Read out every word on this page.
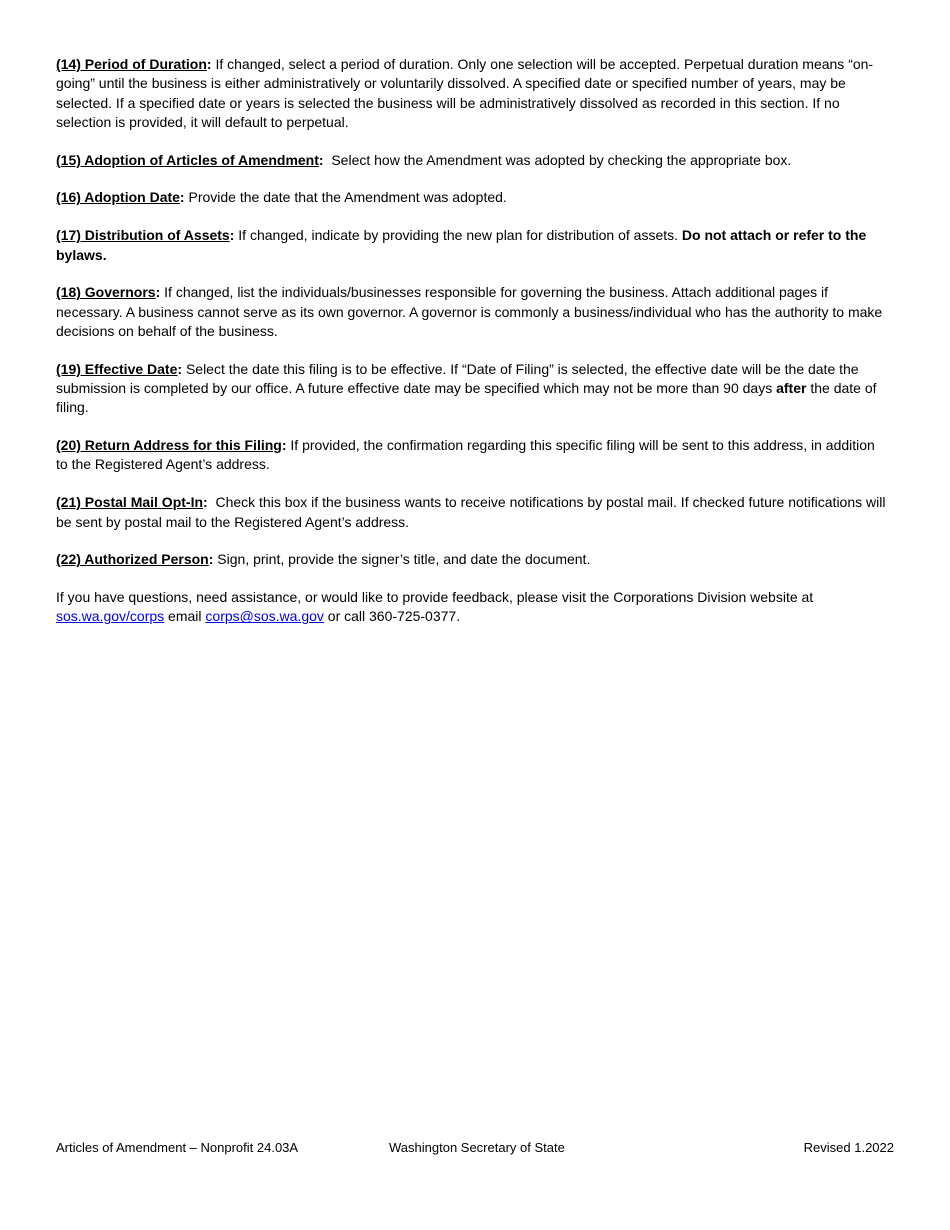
(14) Period of Duration: If changed, select a period of duration. Only one selection will be accepted. Perpetual duration means “on-going” until the business is either administratively or voluntarily dissolved. A specified date or specified number of years, may be selected. If a specified date or years is selected the business will be administratively dissolved as recorded in this section. If no selection is provided, it will default to perpetual.

(15) Adoption of Articles of Amendment:  Select how the Amendment was adopted by checking the appropriate box.

(16) Adoption Date: Provide the date that the Amendment was adopted.

(17) Distribution of Assets: If changed, indicate by providing the new plan for distribution of assets. Do not attach or refer to the bylaws.

(18) Governors: If changed, list the individuals/businesses responsible for governing the business. Attach additional pages if necessary. A business cannot serve as its own governor. A governor is commonly a business/individual who has the authority to make decisions on behalf of the business.

(19) Effective Date: Select the date this filing is to be effective. If “Date of Filing” is selected, the effective date will be the date the submission is completed by our office. A future effective date may be specified which may not be more than 90 days after the date of filing.

(20) Return Address for this Filing: If provided, the confirmation regarding this specific filing will be sent to this address, in addition to the Registered Agent’s address.

(21) Postal Mail Opt-In:  Check this box if the business wants to receive notifications by postal mail. If checked future notifications will be sent by postal mail to the Registered Agent’s address.

(22) Authorized Person: Sign, print, provide the signer’s title, and date the document.

If you have questions, need assistance, or would like to provide feedback, please visit the Corporations Division website at sos.wa.gov/corps email corps@sos.wa.gov or call 360-725-0377.

Articles of Amendment – Nonprofit 24.03A	Washington Secretary of State	Revised 1.2022
